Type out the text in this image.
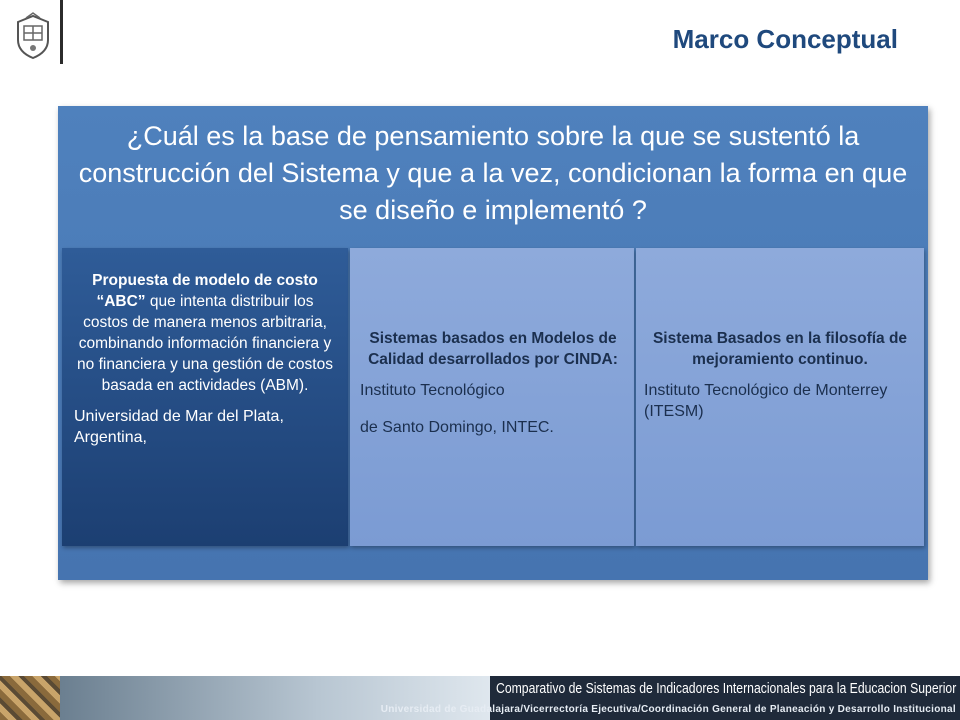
Marco Conceptual
¿Cuál es la base de pensamiento sobre la que se sustentó la construcción del Sistema y que a la vez, condicionan la forma en que se diseño e implementó ?
Propuesta de modelo de costo “ABC” que intenta distribuir los costos de manera menos arbitraria, combinando información financiera y no financiera y una gestión de costos basada en actividades (ABM).
Universidad de Mar del Plata, Argentina,
Sistemas basados en Modelos de Calidad desarrollados por CINDA:
Instituto Tecnológico
de Santo Domingo, INTEC.
Sistema Basados en la filosofía de mejoramiento continuo.
Instituto Tecnológico de Monterrey (ITESM)
Comparativo de Sistemas de Indicadores Internacionales para la Educacion Superior
Universidad de Guadalajara/Vicerrectoría Ejecutiva/Coordinación General de Planeación y Desarrollo Institucional
